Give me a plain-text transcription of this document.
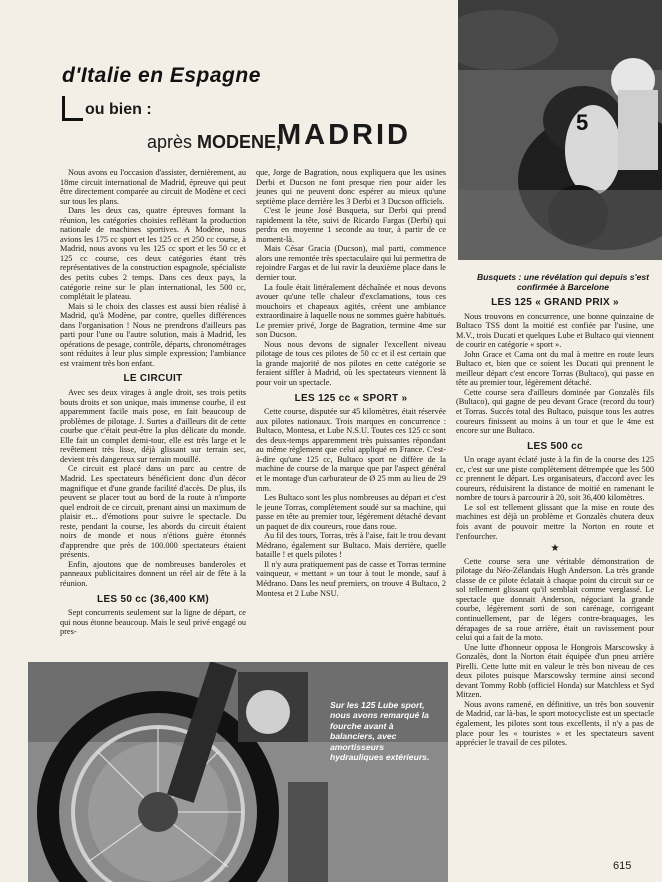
d'Italie en Espagne
ou bien :
après MODENE,
MADRID

Nous avons eu l'occasion d'assister, dernièrement, au 18me circuit international de Madrid, épreuve qui peut être directement comparée au circuit de Modène et ceci sur tous les plans.

Dans les deux cas, quatre épreuves formant la réunion, les catégories choisies reflétant la production nationale de machines sportives. A Modène, nous avions les 175 cc sport et les 125 cc et 250 cc course, à Madrid, nous avons vu les 125 cc sport et les 50 cc et 125 cc course, ces deux catégories étant très représentatives de la construction espagnole, spécialiste des petits cubes 2 temps. Dans ces deux pays, la catégorie reine sur le plan international, les 500 cc, complétait le plateau.

Mais si le choix des classes est aussi bien réalisé à Madrid, qu'à Modène, par contre, quelles différences dans l'organisation ! Nous ne prendrons d'ailleurs pas parti pour l'une ou l'autre solution, mais à Madrid, les opérations de pesage, contrôle, départs, chronométrages sont réduites à leur plus simple expression; l'ambiance est vraiment très bon enfant.

LE CIRCUIT

Avec ses deux virages à angle droit, ses trois petits bouts droits et son unique, mais immense courbe, il est apparemment facile mais pose, en fait beaucoup de problèmes de pilotage. J. Surtes a d'ailleurs dit de cette courbe que c'était peut-être la plus délicate du monde. Elle fait un complet demi-tour, elle est très large et le revêtement très lisse, déjà glissant sur terrain sec, devient très dangereux sur terrain mouillé.

Ce circuit est placé dans un parc au centre de Madrid. Les spectateurs bénéficient donc d'un décor magnifique et d'une grande facilité d'accès. De plus, ils peuvent se placer tout au bord de la route à n'importe quel endroit de ce circuit, prenant ainsi un maximum de plaisir et... d'émotions pour suivre le spectacle. Du reste, pendant la course, les abords du circuit étaient noirs de monde et nous n'étions guère étonnés d'apprendre que près de 100.000 spectateurs étaient présents.

Enfin, ajoutons que de nombreuses banderoles et panneaux publicitaires donnent un réel air de fête à la réunion.

LES 50 cc (36,400 KM)

Sept concurrents seulement sur la ligne de départ, ce qui nous étonne beaucoup. Mais le seul privé engagé ou pres-

que, Jorge de Bagration, nous expliquera que les usines Derbi et Ducson ne font presque rien pour aider les jeunes qui ne peuvent donc espérer au mieux qu'une septième place derrière les 3 Derbi et 3 Ducson officiels.

C'est le jeune José Busqueta, sur Derbi qui prend rapidement la tête, suivi de Ricardo Fargas (Derbi) qui perdra en moyenne 1 seconde au tour, à partir de ce moment-là.

Mais César Gracia (Ducson), mal parti, commence alors une remontée très spectaculaire qui lui permettra de rejoindre Fargas et de lui ravir la deuxième place dans le dernier tour.

La foule était littéralement déchaînée et nous devons avouer qu'une telle chaleur d'exclamations, tous ces mouchoirs et chapeaux agités, créent une ambiance extraordinaire à laquelle nous ne sommes guère habitués. Le premier privé, Jorge de Bagration, termine 4me sur son Ducson.

Nous nous devons de signaler l'excellent niveau pilotage de tous ces pilotes de 50 cc et il est certain que la grande majorité de nos pilotes en cette catégorie se feraient siffler à Madrid, où les spectateurs viennent là pour voir un spectacle.

LES 125 cc « SPORT »

Cette course, disputée sur 45 kilomètres, était réservée aux pilotes nationaux. Trois marques en concurrence : Bultaco, Montesa, et Lube N.S.U. Toutes ces 125 cc sont des deux-temps apparemment très puissantes répondant au même règlement que celui appliqué en France. C'est-à-dire qu'une 125 cc, Bultaco sport ne diffère de la machine de course de la marque que par l'aspect général et le montage d'un carburateur de Ø 25 mm au lieu de 29 mm.

Les Bultaco sont les plus nombreuses au départ et c'est le jeune Torras, complètement soudé sur sa machine, qui passe en tête au premier tour, légèrement détaché devant un paquet de dix coureurs, roue dans roue.

Au fil des tours, Torras, très à l'aise, fait le trou devant Médrano, également sur Bultaco. Mais derrière, quelle bataille ! et quels pilotes !

Il n'y aura pratiquement pas de casse et Torras termine vainqueur, « mettant » un tour à tout le monde, sauf à Médrano. Dans les neuf premiers, on trouve 4 Bultaco, 2 Montesa et 2 Lube NSU.

5
Busquets : une révélation qui depuis s'est confirmée à Barcelone
LES 125 « GRAND PRIX »

Nous trouvons en concurrence, une bonne quinzaine de Bultaco TSS dont la moitié est confiée par l'usine, une M.V., trois Ducati et quelques Lube et Bultaco qui viennent de courir en catégorie « sport ».

John Grace et Cama ont du mal à mettre en route leurs Bultaco et, bien que ce soient les Ducati qui prennent le meilleur départ c'est encore Torras (Bultaco), qui passe en tête au premier tour, légèrement détaché.

Cette course sera d'ailleurs dominée par Gonzalès fils (Bultaco), qui gagne de peu devant Grace (record du tour) et Torras. Succès total des Bultaco, puisque tous les autres coureurs finissent au moins à un tour et que le 4me est encore sur une Bultaco.

LES 500 cc

Un orage ayant éclaté juste à la fin de la course des 125 cc, c'est sur une piste complètement détrempée que les 500 cc prennent le départ. Les organisateurs, d'accord avec les coureurs, réduisirent la distance de moitié en ramenant le nombre de tours à parcourir à 20, soit 36,400 kilomètres.

Le sol est tellement glissant que la mise en route des machines est déjà un problème et Gonzalès chutera deux fois avant de pouvoir mettre la Norton en route et l'enfourcher.

★

Cette course sera une véritable démonstration de pilotage du Néo-Zélandais Hugh Anderson. La très grande classe de ce pilote éclatait à chaque point du circuit sur ce sol tellement glissant qu'il semblait comme verglassé. Le spectacle que donnait Anderson, négociant la grande courbe, légèrement sorti de son carénage, corrigeant continuellement, par de légers contre-braquages, les dérapages de sa roue arrière, était un ravissement pour celui qui a fait de la moto.

Une lutte d'honneur opposa le Hongrois Marscowsky à Gonzalès, dont la Norton était équipée d'un pneu arrière Pirelli. Cette lutte mit en valeur le très bon niveau de ces deux pilotes puisque Marscowsky termine ainsi second devant Tommy Robb (officiel Honda) sur Matchless et Syd Mitzen.

Nous avons ramené, en définitive, un très bon souvenir de Madrid, car là-bas, le sport motocycliste est un spectacle également, les pilotes sont tous excellents, il n'y a pas de place pour les « touristes » et les spectateurs savent apprécier le travail de ces pilotes.

Sur les 125 Lube sport, nous avons remarqué la fourche avant à balanciers, avec amortisseurs hydrauliques extérieurs.
615
